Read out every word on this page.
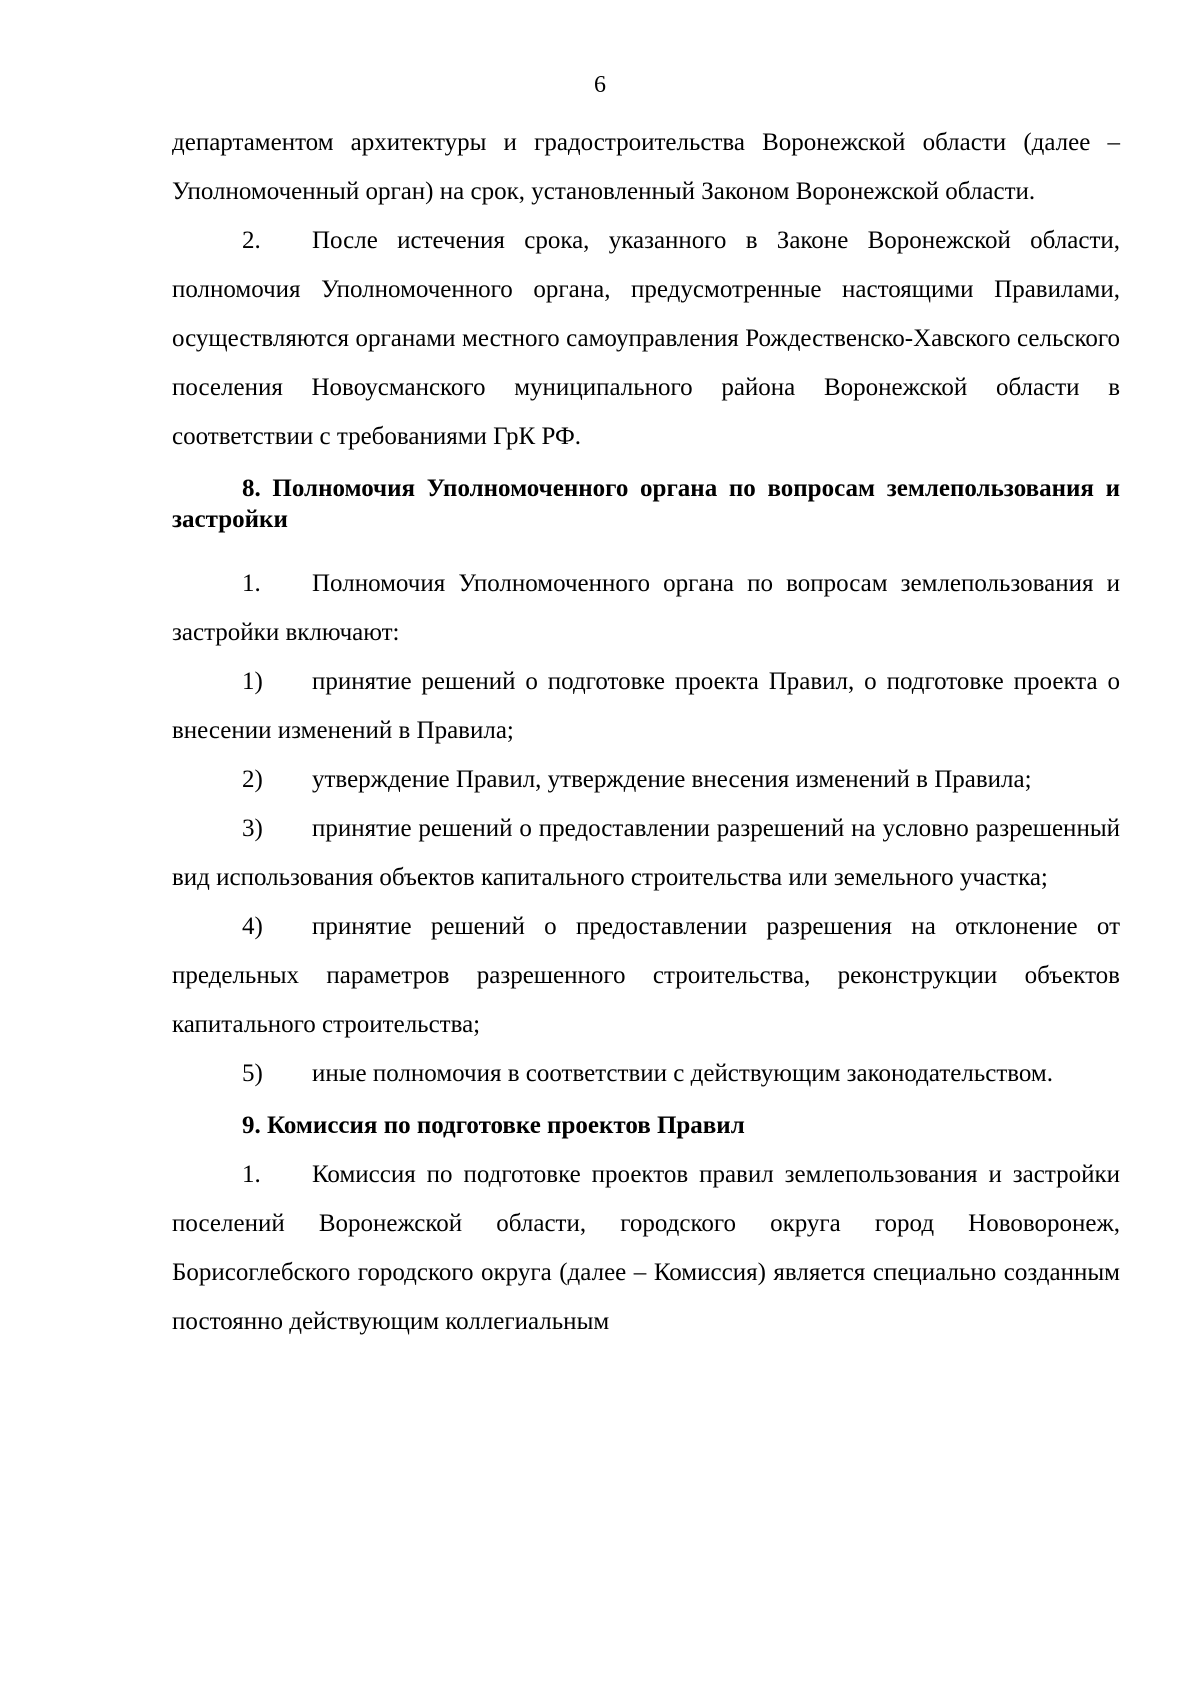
6

департаментом архитектуры и градостроительства Воронежской области (далее – Уполномоченный орган) на срок, установленный Законом Воронежской области.

2. После истечения срока, указанного в Законе Воронежской области, полномочия Уполномоченного органа, предусмотренные настоящими Правилами, осуществляются органами местного самоуправления Рождественско-Хавского сельского поселения Новоусманского муниципального района Воронежской области в соответствии с требованиями ГрК РФ.

8. Полномочия Уполномоченного органа по вопросам землепользования и застройки

1. Полномочия Уполномоченного органа по вопросам землепользования и застройки включают:

1) принятие решений о подготовке проекта Правил, о подготовке проекта о внесении изменений в Правила;

2) утверждение Правил, утверждение внесения изменений в Правила;

3) принятие решений о предоставлении разрешений на условно разрешенный вид использования объектов капитального строительства или земельного участка;

4) принятие решений о предоставлении разрешения на отклонение от предельных параметров разрешенного строительства, реконструкции объектов капитального строительства;

5) иные полномочия в соответствии с действующим законодательством.

9. Комиссия по подготовке проектов Правил

1. Комиссия по подготовке проектов правил землепользования и застройки поселений Воронежской области, городского округа город Нововоронеж, Борисоглебского городского округа (далее – Комиссия) является специально созданным постоянно действующим коллегиальным
